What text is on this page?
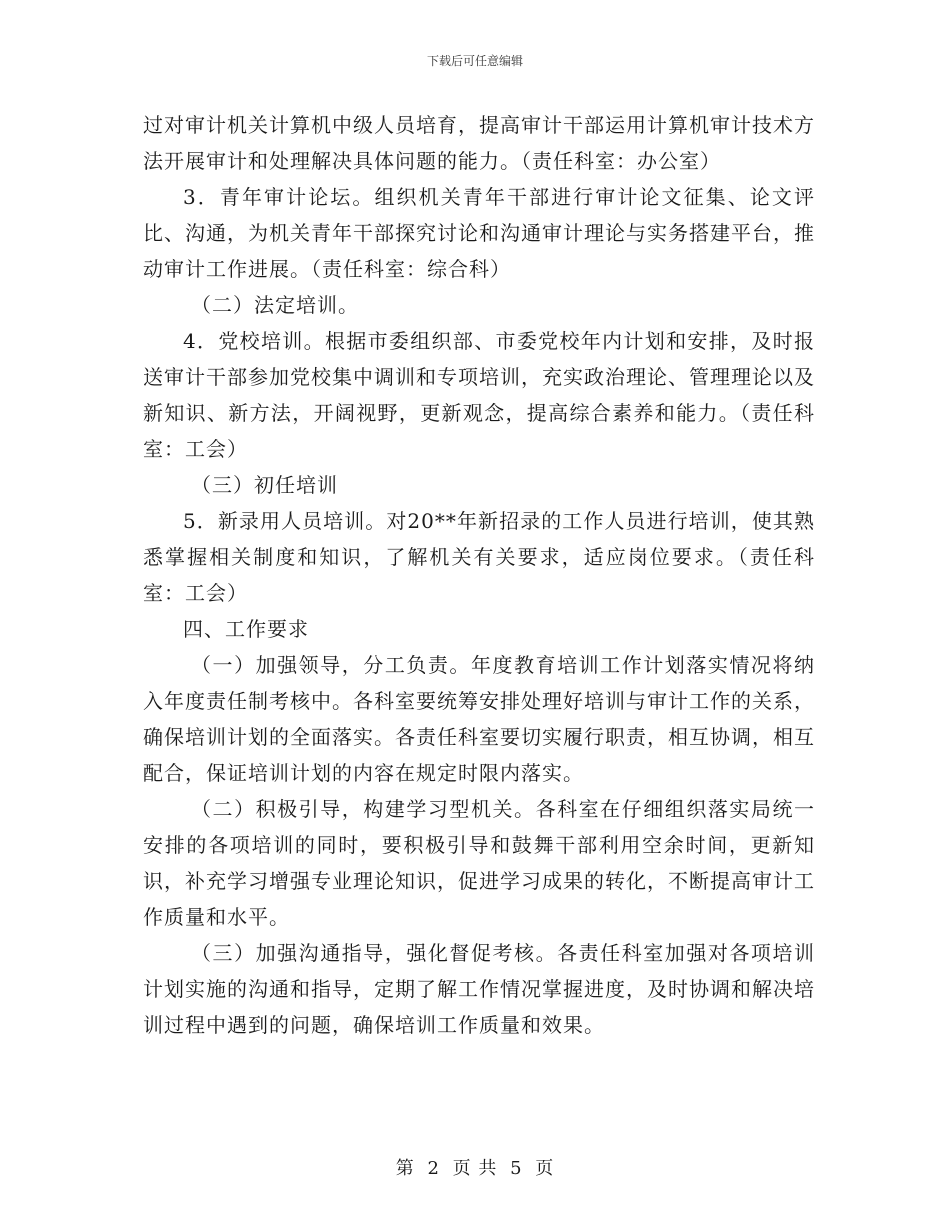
下载后可任意编辑

过对审计机关计算机中级人员培育，提高审计干部运用计算机审计技术方法开展审计和处理解决具体问题的能力。（责任科室：办公室）

3．青年审计论坛。组织机关青年干部进行审计论文征集、论文评比、沟通，为机关青年干部探究讨论和沟通审计理论与实务搭建平台，推动审计工作进展。（责任科室：综合科）

（二）法定培训。

4．党校培训。根据市委组织部、市委党校年内计划和安排，及时报送审计干部参加党校集中调训和专项培训，充实政治理论、管理理论以及新知识、新方法，开阔视野，更新观念，提高综合素养和能力。（责任科室：工会）

（三）初任培训

5．新录用人员培训。对20**年新招录的工作人员进行培训，使其熟悉掌握相关制度和知识，了解机关有关要求，适应岗位要求。（责任科室：工会）

四、工作要求

（一）加强领导，分工负责。年度教育培训工作计划落实情况将纳入年度责任制考核中。各科室要统筹安排处理好培训与审计工作的关系，确保培训计划的全面落实。各责任科室要切实履行职责，相互协调，相互配合，保证培训计划的内容在规定时限内落实。

（二）积极引导，构建学习型机关。各科室在仔细组织落实局统一安排的各项培训的同时，要积极引导和鼓舞干部利用空余时间，更新知识，补充学习增强专业理论知识，促进学习成果的转化，不断提高审计工作质量和水平。

（三）加强沟通指导，强化督促考核。各责任科室加强对各项培训计划实施的沟通和指导，定期了解工作情况掌握进度，及时协调和解决培训过程中遇到的问题，确保培训工作质量和效果。

第 2 页 共 5 页
